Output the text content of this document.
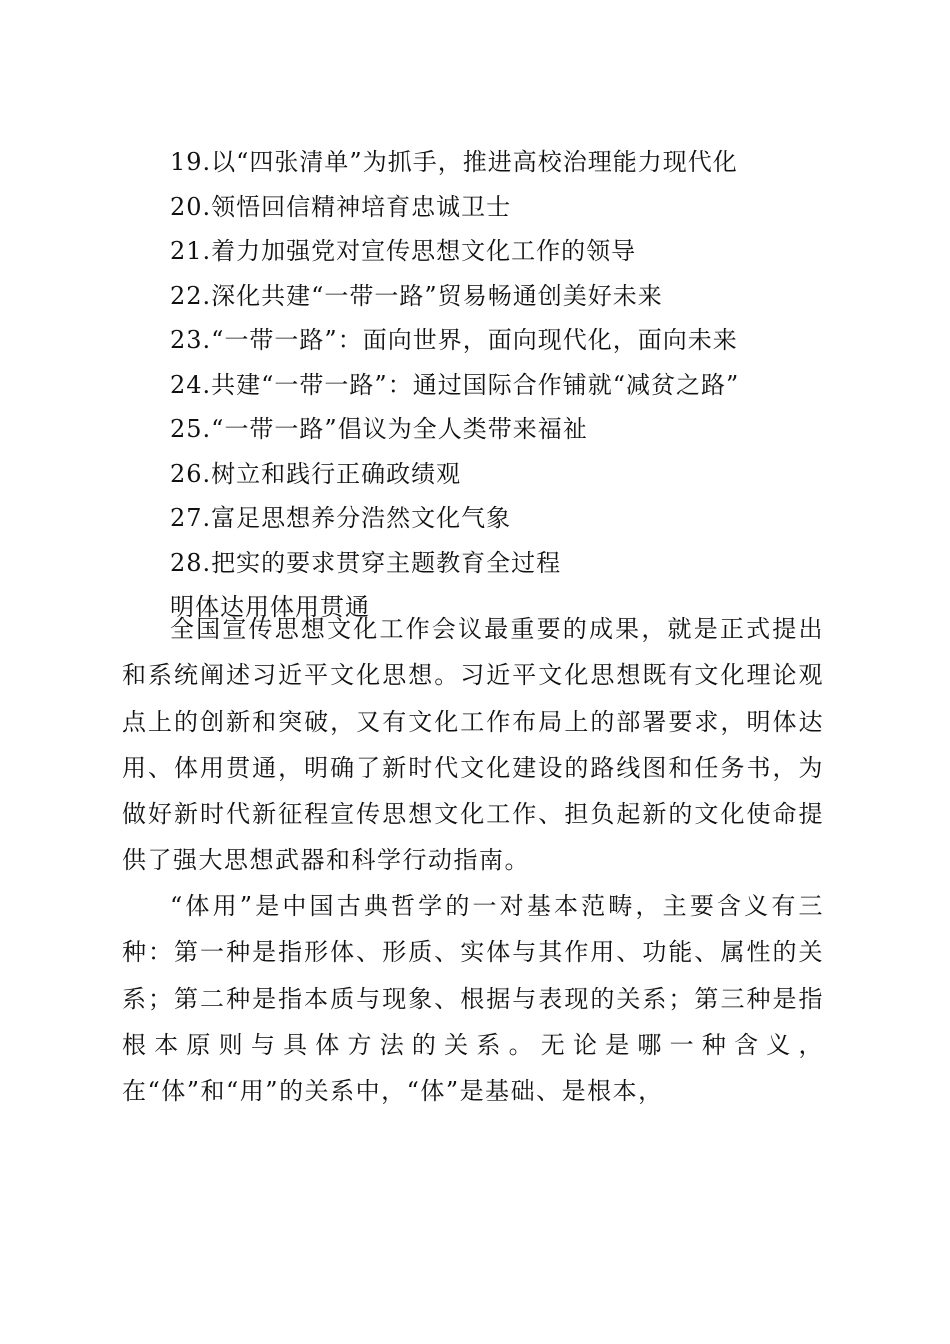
19.以“四张清单”为抓手，推进高校治理能力现代化
20.领悟回信精神培育忠诚卫士
21.着力加强党对宣传思想文化工作的领导
22.深化共建“一带一路”贸易畅通创美好未来
23.“一带一路”：面向世界，面向现代化，面向未来
24.共建“一带一路”：通过国际合作铺就“减贫之路”
25.“一带一路”倡议为全人类带来福祉
26.树立和践行正确政绩观
27.富足思想养分浩然文化气象
28.把实的要求贯穿主题教育全过程
明体达用体用贯通

全国宣传思想文化工作会议最重要的成果，就是正式提出和系统阐述习近平文化思想。习近平文化思想既有文化理论观点上的创新和突破，又有文化工作布局上的部署要求，明体达用、体用贯通，明确了新时代文化建设的路线图和任务书，为做好新时代新征程宣传思想文化工作、担负起新的文化使命提供了强大思想武器和科学行动指南。

“体用”是中国古典哲学的一对基本范畴，主要含义有三种：第一种是指形体、形质、实体与其作用、功能、属性的关系；第二种是指本质与现象、根据与表现的关系；第三种是指根本原则与具体方法的关系。无论是哪一种含义，在“体”和“用”的关系中，“体”是基础、是根本，
